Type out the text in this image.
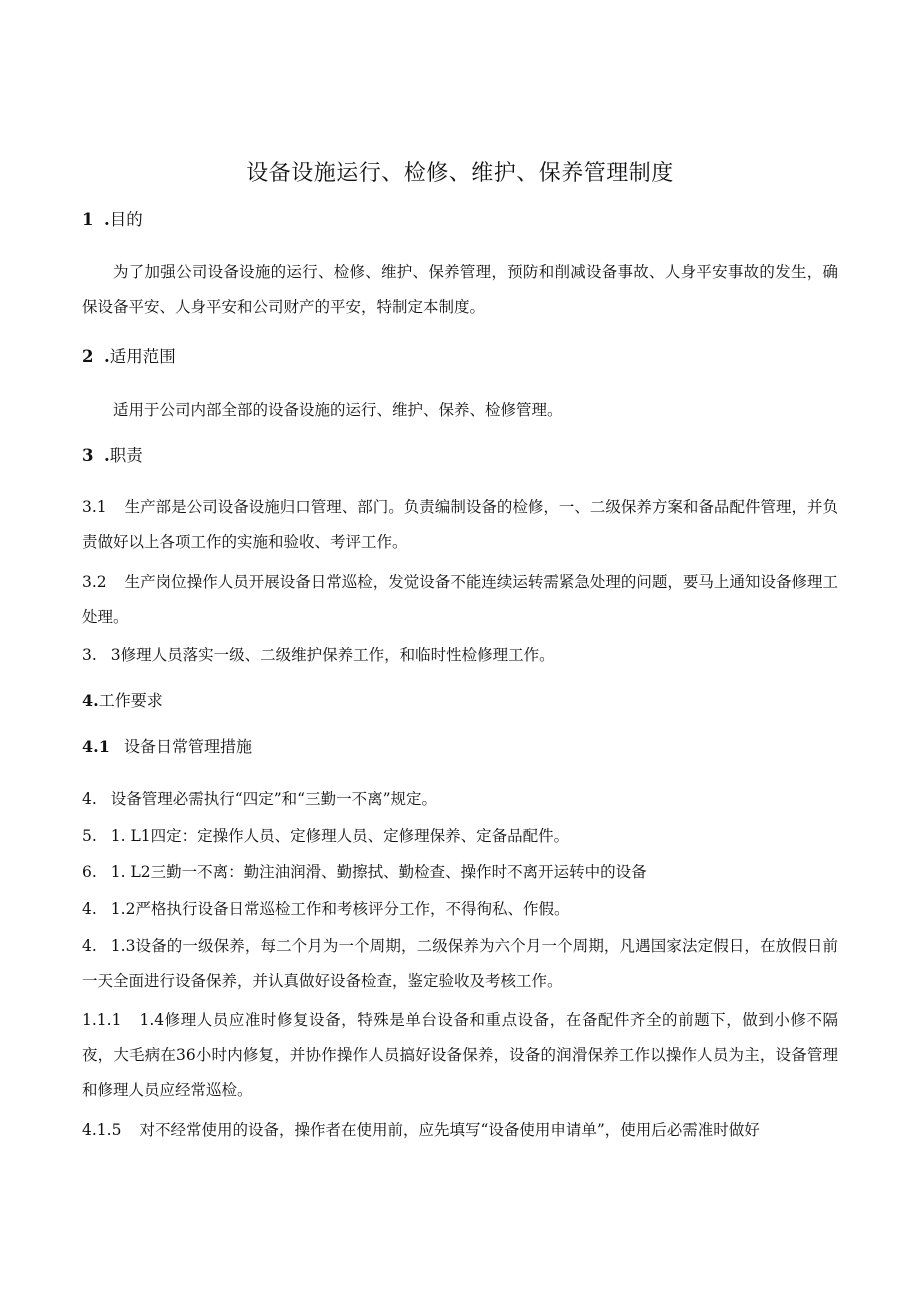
设备设施运行、检修、维护、保养管理制度
1 .目的
为了加强公司设备设施的运行、检修、维护、保养管理，预防和削减设备事故、人身平安事故的发生，确保设备平安、人身平安和公司财产的平安，特制定本制度。
2 .适用范围
适用于公司内部全部的设备设施的运行、维护、保养、检修管理。
3 .职责
3.1 生产部是公司设备设施归口管理、部门。负责编制设备的检修，一、二级保养方案和备品配件管理，并负责做好以上各项工作的实施和验收、考评工作。
3.2 生产岗位操作人员开展设备日常巡检，发觉设备不能连续运转需紧急处理的问题，要马上通知设备修理工处理。
3. 3修理人员落实一级、二级维护保养工作，和临时性检修理工作。
4.工作要求
4.1 设备日常管理措施
4. 设备管理必需执行“四定”和“三勤一不离”规定。
5. 1. L1四定：定操作人员、定修理人员、定修理保养、定备品配件。
6. 1. L2三勤一不离：勤注油润滑、勤擦拭、勤检查、操作时不离开运转中的设备
4. 1.2严格执行设备日常巡检工作和考核评分工作，不得徇私、作假。
4. 1.3设备的一级保养，每二个月为一个周期，二级保养为六个月一个周期，凡遇国家法定假日，在放假日前一天全面进行设备保养，并认真做好设备检查，鉴定验收及考核工作。
1.1.1 1.4修理人员应准时修复设备，特殊是单台设备和重点设备，在备配件齐全的前题下，做到小修不隔夜，大毛病在36小时内修复，并协作操作人员搞好设备保养，设备的润滑保养工作以操作人员为主，设备管理和修理人员应经常巡检。
4.1.5 对不经常使用的设备，操作者在使用前，应先填写“设备使用申请单”，使用后必需准时做好
